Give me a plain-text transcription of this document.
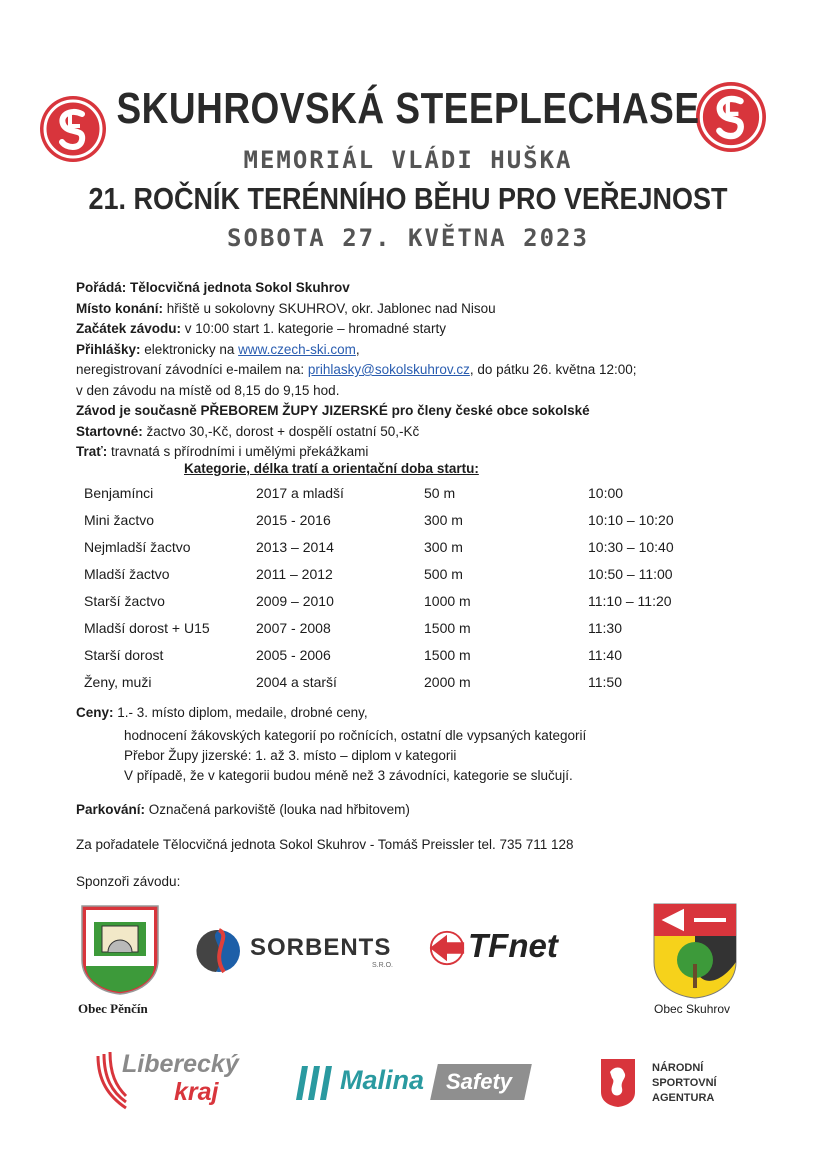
SKUHROVSKÁ STEEPLECHASE
MEMORIÁL VLÁDI HUŠKA
21. ROČNÍK TERÉNNÍHO BĚHU PRO VEŘEJNOST
SOBOTA 27. KVĚTNA 2023

Pořádá: Tělocvičná jednota Sokol Skuhrov

Místo konání: hřiště u sokolovny SKUHROV, okr. Jablonec nad Nisou

Začátek závodu: v 10:00 start 1. kategorie – hromadné starty

Přihlášky: elektronicky na www.czech-ski.com,

neregistrovaní závodníci e-mailem na: prihlasky@sokolskuhrov.cz, do pátku 26. května 12:00;

v den závodu na místě od 8,15 do 9,15 hod.

Závod je současně PŘEBOREM ŽUPY JIZERSKÉ pro členy české obce sokolské

Startovné: žactvo 30,-Kč, dorost + dospělí ostatní 50,-Kč

Trať: travnatá s přírodními i umělými překážkami

Kategorie, délka tratí a orientační doba startu:
Benjamínci	2017 a mladší	50 m	10:00
Mini žactvo	2015 - 2016	300 m	10:10 – 10:20
Nejmladší žactvo	2013 – 2014	300 m	10:30 – 10:40
Mladší žactvo	2011 – 2012	500 m	10:50 – 11:00
Starší žactvo	2009 – 2010	1000 m	11:10 – 11:20
Mladší dorost + U15	2007 - 2008	1500 m	11:30
Starší dorost	2005 - 2006	1500 m	11:40
Ženy, muži	2004 a starší	2000 m	11:50
Ceny: 1.- 3. místo diplom, medaile, drobné ceny,
hodnocení žákovských kategorií po ročnících, ostatní dle vypsaných kategorií
Přebor Župy jizerské: 1. až 3. místo – diplom v kategorii
V případě, že v kategorii budou méně než 3 závodníci, kategorie se slučují.
Parkování: Označená parkoviště (louka nad hřbitovem)
Za pořadatele Tělocvičná jednota Sokol Skuhrov - Tomáš Preissler tel. 735 711 128
Sponzoři závodu:
Obec Pěnčín
SORBENTS
S.R.O.
TFnet
Obec Skuhrov
Liberecký
kraj	Malina Safety
NÁRODNÍ
SPORTOVNÍ
AGENTURA
